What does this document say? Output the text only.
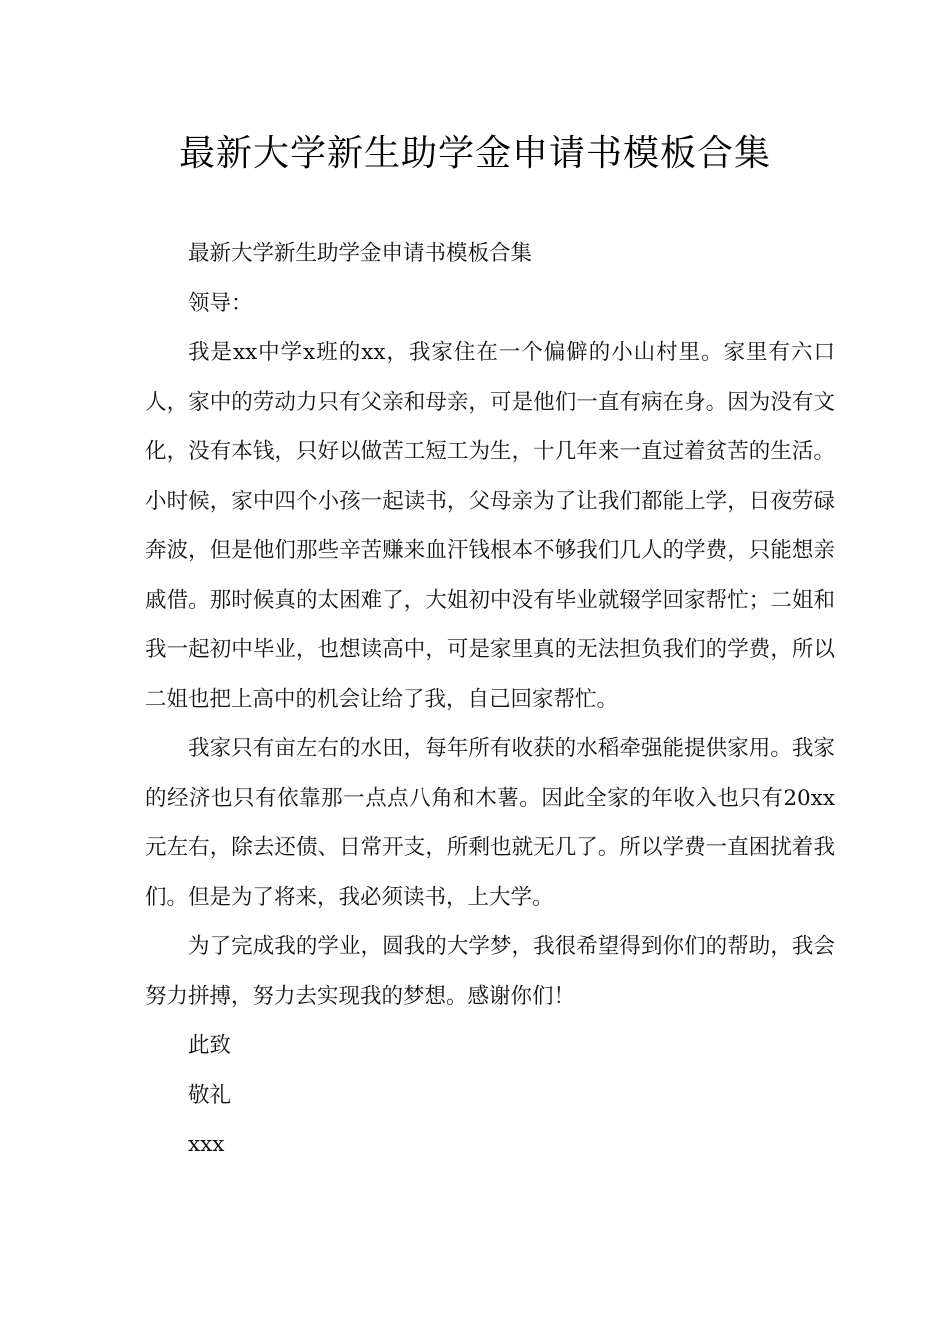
最新大学新生助学金申请书模板合集

最新大学新生助学金申请书模板合集

领导：

我是xx中学x班的xx，我家住在一个偏僻的小山村里。家里有六口人，家中的劳动力只有父亲和母亲，可是他们一直有病在身。因为没有文化，没有本钱，只好以做苦工短工为生，十几年来一直过着贫苦的生活。小时候，家中四个小孩一起读书，父母亲为了让我们都能上学，日夜劳碌奔波，但是他们那些辛苦赚来血汗钱根本不够我们几人的学费，只能想亲戚借。那时候真的太困难了，大姐初中没有毕业就辍学回家帮忙；二姐和我一起初中毕业，也想读高中，可是家里真的无法担负我们的学费，所以二姐也把上高中的机会让给了我，自己回家帮忙。

我家只有亩左右的水田，每年所有收获的水稻牵强能提供家用。我家的经济也只有依靠那一点点八角和木薯。因此全家的年收入也只有20xx元左右，除去还债、日常开支，所剩也就无几了。所以学费一直困扰着我们。但是为了将来，我必须读书，上大学。

为了完成我的学业，圆我的大学梦，我很希望得到你们的帮助，我会努力拼搏，努力去实现我的梦想。感谢你们！

此致

敬礼

xxx
